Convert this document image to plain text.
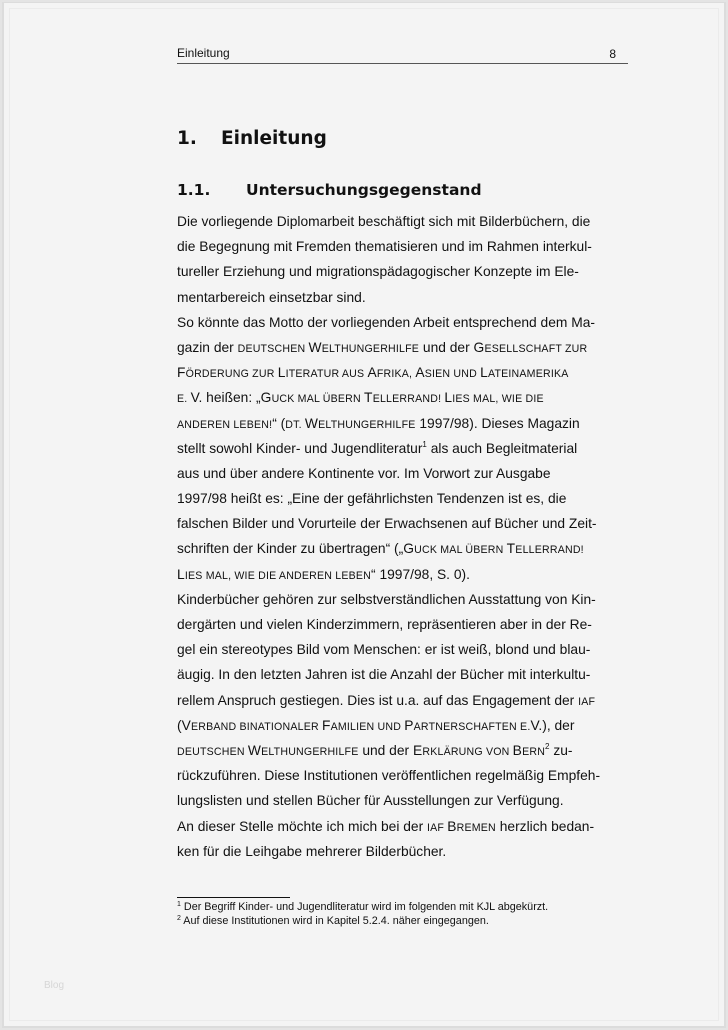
Einleitung	8
1. Einleitung
1.1. Untersuchungsgegenstand
Die vorliegende Diplomarbeit beschäftigt sich mit Bilderbüchern, die
die Begegnung mit Fremden thematisieren und im Rahmen interkul-
tureller Erziehung und migrationspädagogischer Konzepte im Ele-
mentarbereich einsetzbar sind.
So könnte das Motto der vorliegenden Arbeit entsprechend dem Ma-
gazin der DEUTSCHEN WELTHUNGERHILFE und der GESELLSCHAFT ZUR
FÖRDERUNG ZUR LITERATUR AUS AFRIKA, ASIEN UND LATEINAMERIKA
E. V. heißen: „GUCK MAL ÜBERN TELLERRAND! LIES MAL, WIE DIE
ANDEREN LEBEN!“ (DT. WELTHUNGERHILFE 1997/98). Dieses Magazin
stellt sowohl Kinder- und Jugendliteratur$^1$ als auch Begleitmaterial
aus und über andere Kontinente vor. Im Vorwort zur Ausgabe
1997/98 heißt es: „Eine der gefährlichsten Tendenzen ist es, die
falschen Bilder und Vorurteile der Erwachsenen auf Bücher und Zeit-
schriften der Kinder zu übertragen“ („GUCK MAL ÜBERN TELLERRAND!
LIES MAL, WIE DIE ANDEREN LEBEN“ 1997/98, S. 0).
Kinderbücher gehören zur selbstverständlichen Ausstattung von Kin-
dergärten und vielen Kinderzimmern, repräsentieren aber in der Re-
gel ein stereotypes Bild vom Menschen: er ist weiß, blond und blau-
äugig. In den letzten Jahren ist die Anzahl der Bücher mit interkultu-
rellem Anspruch gestiegen. Dies ist u.a. auf das Engagement der IAF
(VERBAND BINATIONALER FAMILIEN UND PARTNERSCHAFTEN E.V.), der
DEUTSCHEN WELTHUNGERHILFE und der ERKLÄRUNG VON BERN$^2$ zu-
rückzuführen. Diese Institutionen veröffentlichen regelmäßig Empfeh-
lungslisten und stellen Bücher für Ausstellungen zur Verfügung.
An dieser Stelle möchte ich mich bei der IAF BREMEN herzlich bedan-
ken für die Leihgabe mehrerer Bilderbücher.
$^1$ Der Begriff Kinder- und Jugendliteratur wird im folgenden mit KJL abgekürzt.
$^2$ Auf diese Institutionen wird in Kapitel 5.2.4. näher eingegangen.
Blog
